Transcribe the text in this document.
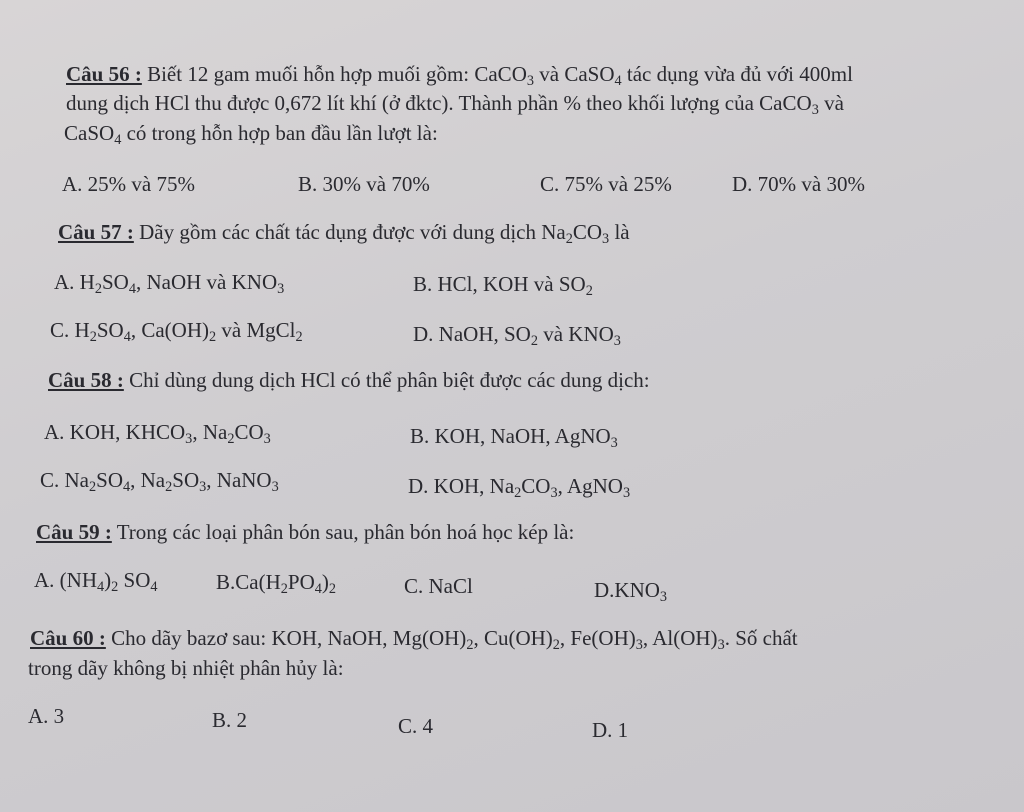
Câu 56 : Biết 12 gam muối hỗn hợp muối gồm: CaCO$_3$ và CaSO$_4$ tác dụng vừa đủ với 400ml
dung dịch HCl thu được 0,672 lít khí (ở đktc). Thành phần % theo khối lượng của CaCO$_3$ và
CaSO$_4$ có trong hỗn hợp ban đầu lần lượt là:
A. 25% và 75%	B. 30% và 70%	C. 75% và 25%	D. 70% và 30%
Câu 57 : Dãy gồm các chất tác dụng được với dung dịch $Na_2CO_3$ là
A. $H_2SO_4$, NaOH và $KNO_3$	B. HCl, KOH và $SO_2$
C. $H_2SO_4$, $Ca(OH)_2$ và MgCl$_2$	D. NaOH, $SO_2$ và $KNO_3$
Câu 58 : Chỉ dùng dung dịch HCl có thể phân biệt được các dung dịch:
A. KOH, $KHCO_3$, $Na_2CO_3$	B. KOH, NaOH, AgNO$_3$
C. $Na_2SO_4$, $Na_2SO_3$, NaNO$_3$	D. KOH, $Na_2CO_3$, AgNO$_3$
Câu 59 : Trong các loại phân bón sau, phân bón hoá học kép là:
A. $(NH_4)_2$ $SO_4$	$B.Ca(H_2PO_4)_2$	C. NaCl	$D.KNO_3$
Câu 60 : Cho dãy bazơ sau: KOH, NaOH, $Mg(OH)_2$, $Cu(OH)_2$, $Fe(OH)_3$, $Al(OH)_3$. Số chất
trong dãy không bị nhiệt phân hủy là:
A. 3	B. 2	C. 4	D. 1
